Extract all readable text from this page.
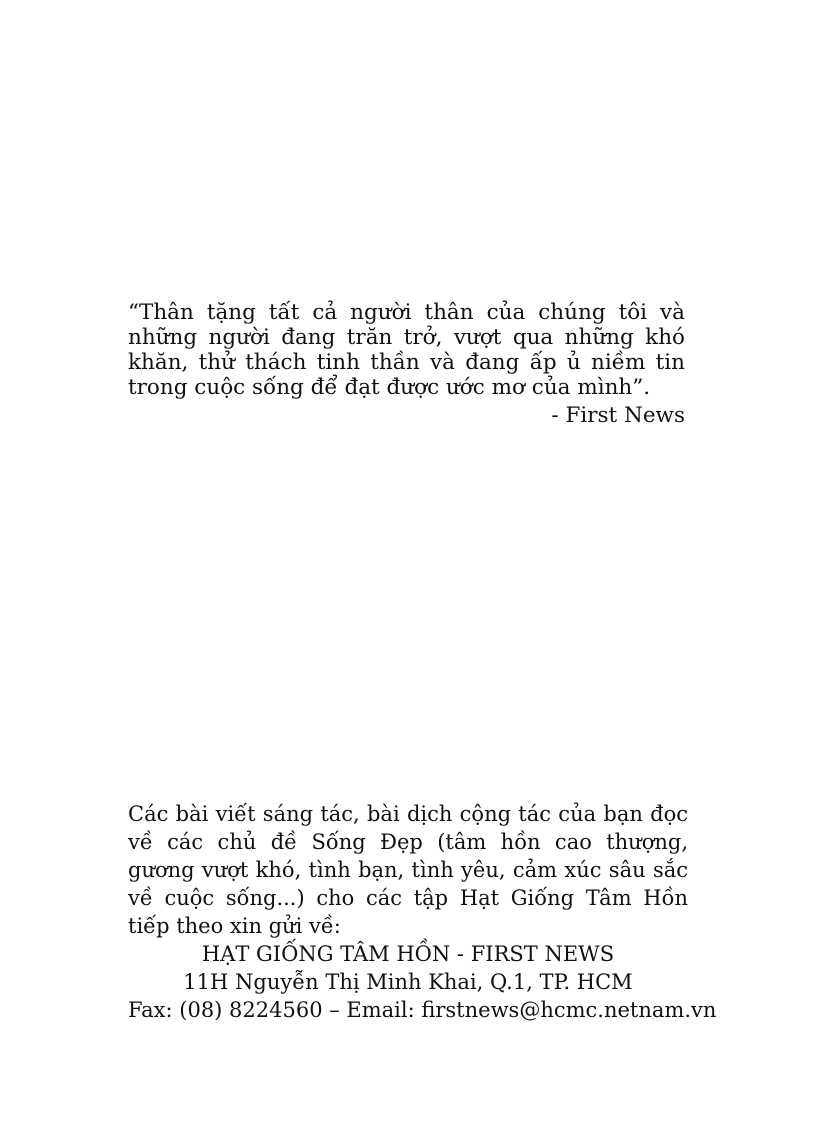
“Thân tặng tất cả người thân của chúng tôi và những người đang trăn trở, vượt qua những khó khăn, thử thách tinh thần và đang ấp ủ niềm tin trong cuộc sống để đạt được ước mơ của mình”.

- First News

Các bài viết sáng tác, bài dịch cộng tác của bạn đọc về các chủ đề Sống Đẹp (tâm hồn cao thượng, gương vượt khó, tình bạn, tình yêu, cảm xúc sâu sắc về cuộc sống...) cho các tập Hạt Giống Tâm Hồn tiếp theo xin gửi về:

HẠT GIỐNG TÂM HỒN - FIRST NEWS

11H Nguyễn Thị Minh Khai, Q.1, TP. HCM

Fax: (08) 8224560 – Email: firstnews@hcmc.netnam.vn
